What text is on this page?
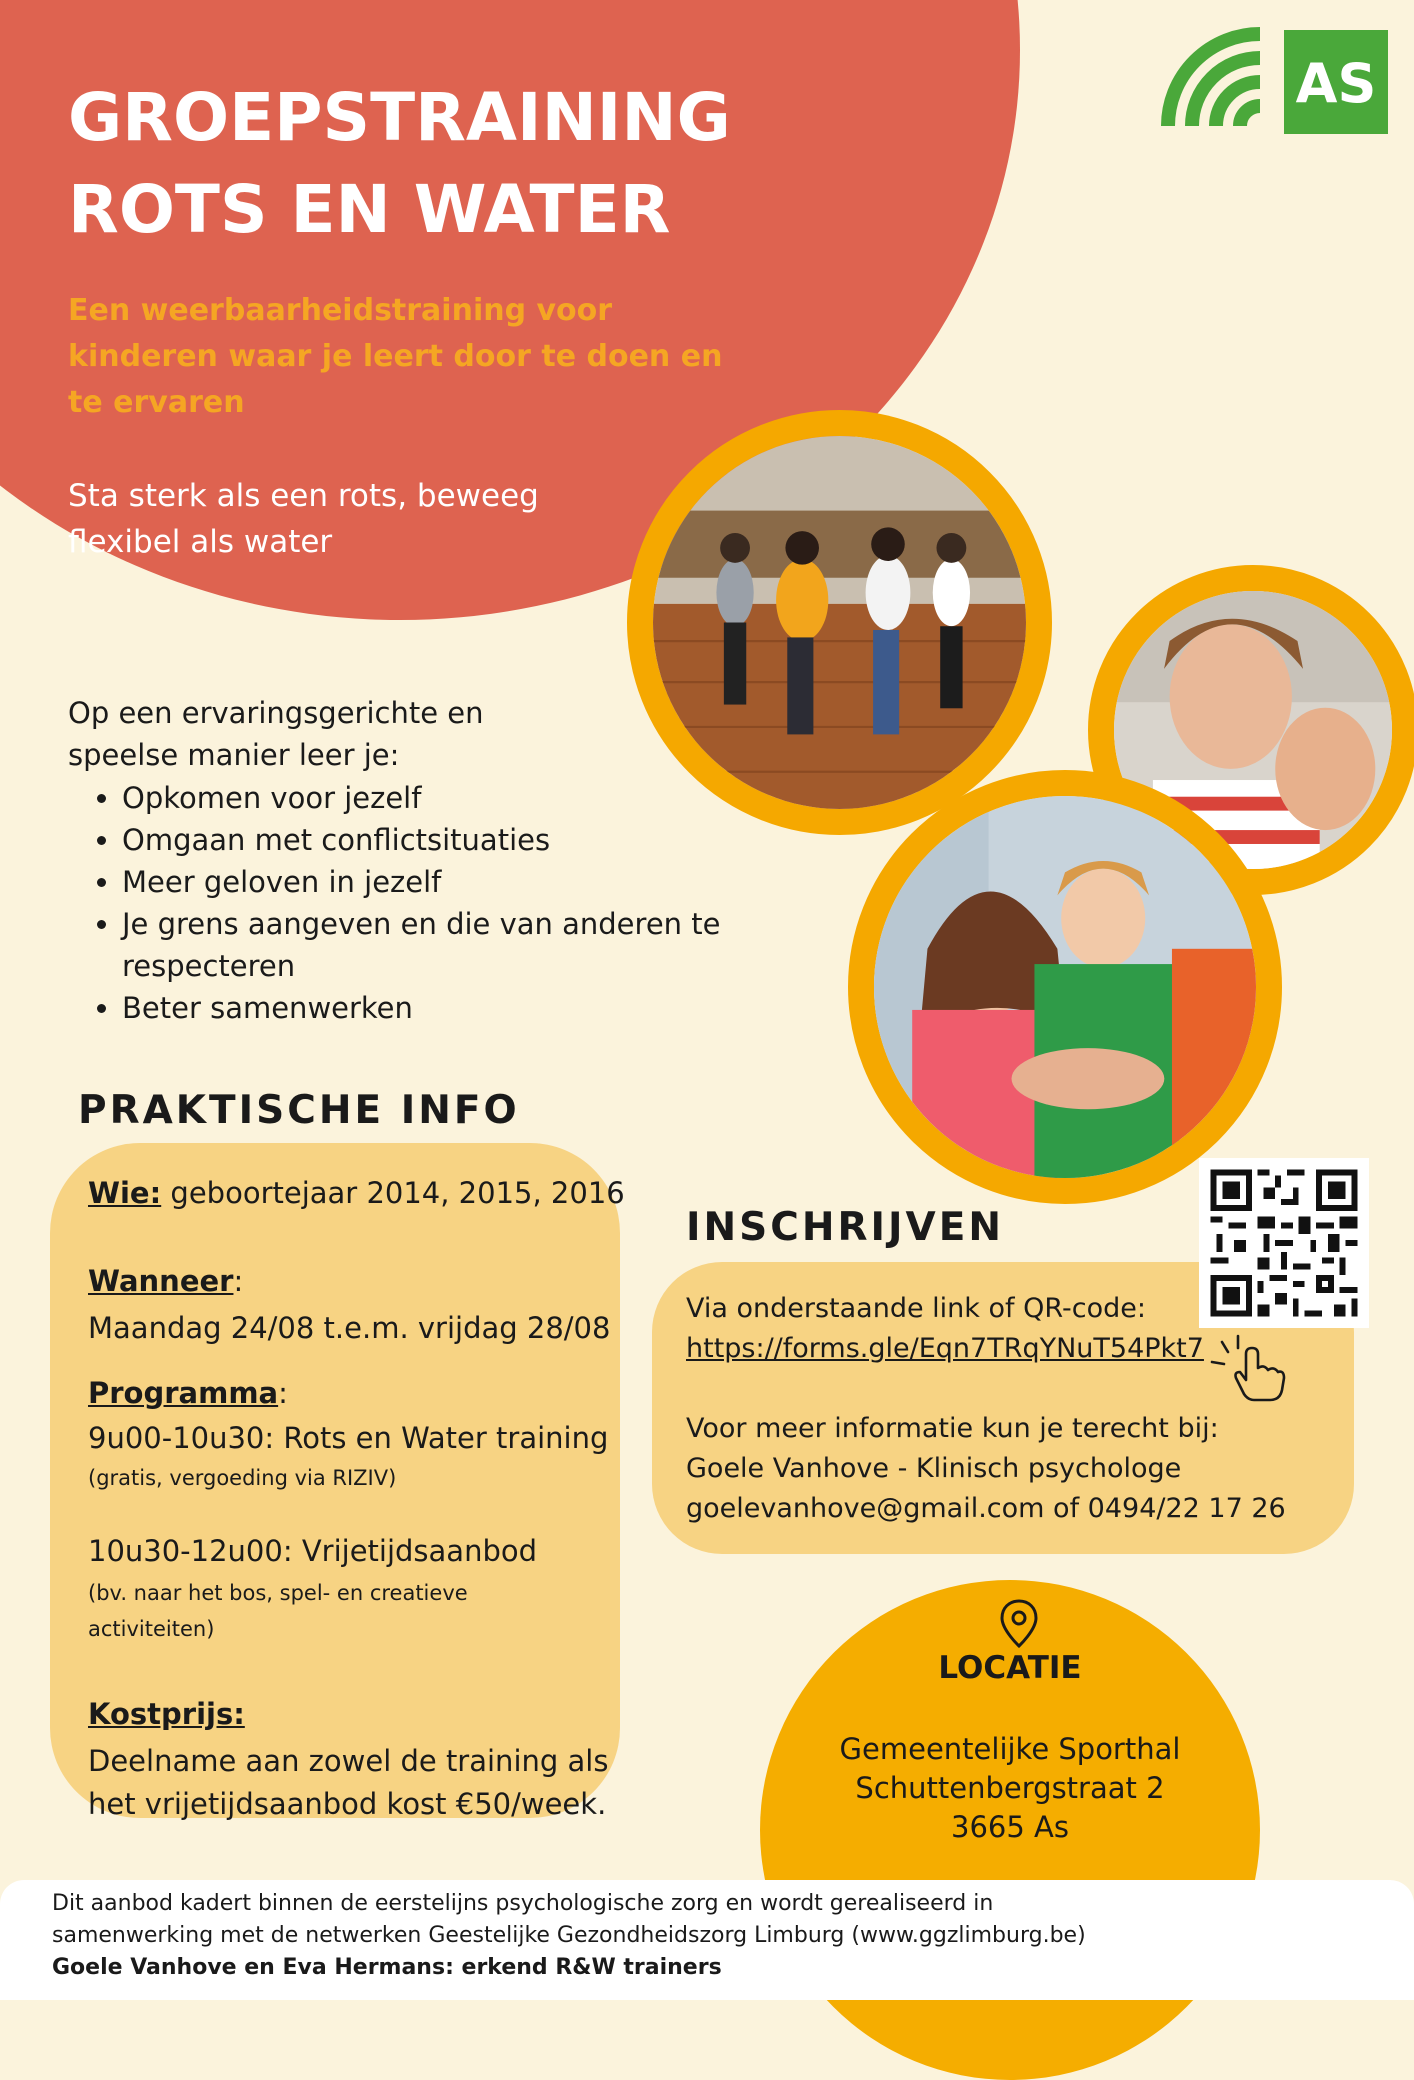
AS
GROEPSTRAINING
ROTS EN WATER
Een weerbaarheidstraining voor
kinderen waar je leert door te doen en
te ervaren
Sta sterk als een rots, beweeg
flexibel als water
Op een ervaringsgerichte en
speelse manier leer je:
• Opkomen voor jezelf
• Omgaan met conflictsituaties
• Meer geloven in jezelf
• Je grens aangeven en die van anderen te respecteren
• Beter samenwerken
PRAKTISCHE INFO
Wie: geboortejaar 2014, 2015, 2016
Wanneer:
Maandag 24/08 t.e.m. vrijdag 28/08
Programma:
9u00-10u30: Rots en Water training
(gratis, vergoeding via RIZIV)
10u30-12u00: Vrijetijdsaanbod
(bv. naar het bos, spel- en creatieve
activiteiten)
Kostprijs:
Deelname aan zowel de training als
het vrijetijdsaanbod kost €50/week.
INSCHRIJVEN
Via onderstaande link of QR-code:
https://forms.gle/Eqn7TRqYNuT54Pkt7
Voor meer informatie kun je terecht bij:
Goele Vanhove - Klinisch psychologe
goelevanhove@gmail.com of 0494/22 17 26
LOCATIE
Gemeentelijke Sporthal
Schuttenbergstraat 2
3665 As
Dit aanbod kadert binnen de eerstelijns psychologische zorg en wordt gerealiseerd in
samenwerking met de netwerken Geestelijke Gezondheidszorg Limburg (www.ggzlimburg.be)
Goele Vanhove en Eva Hermans: erkend R&W trainers
